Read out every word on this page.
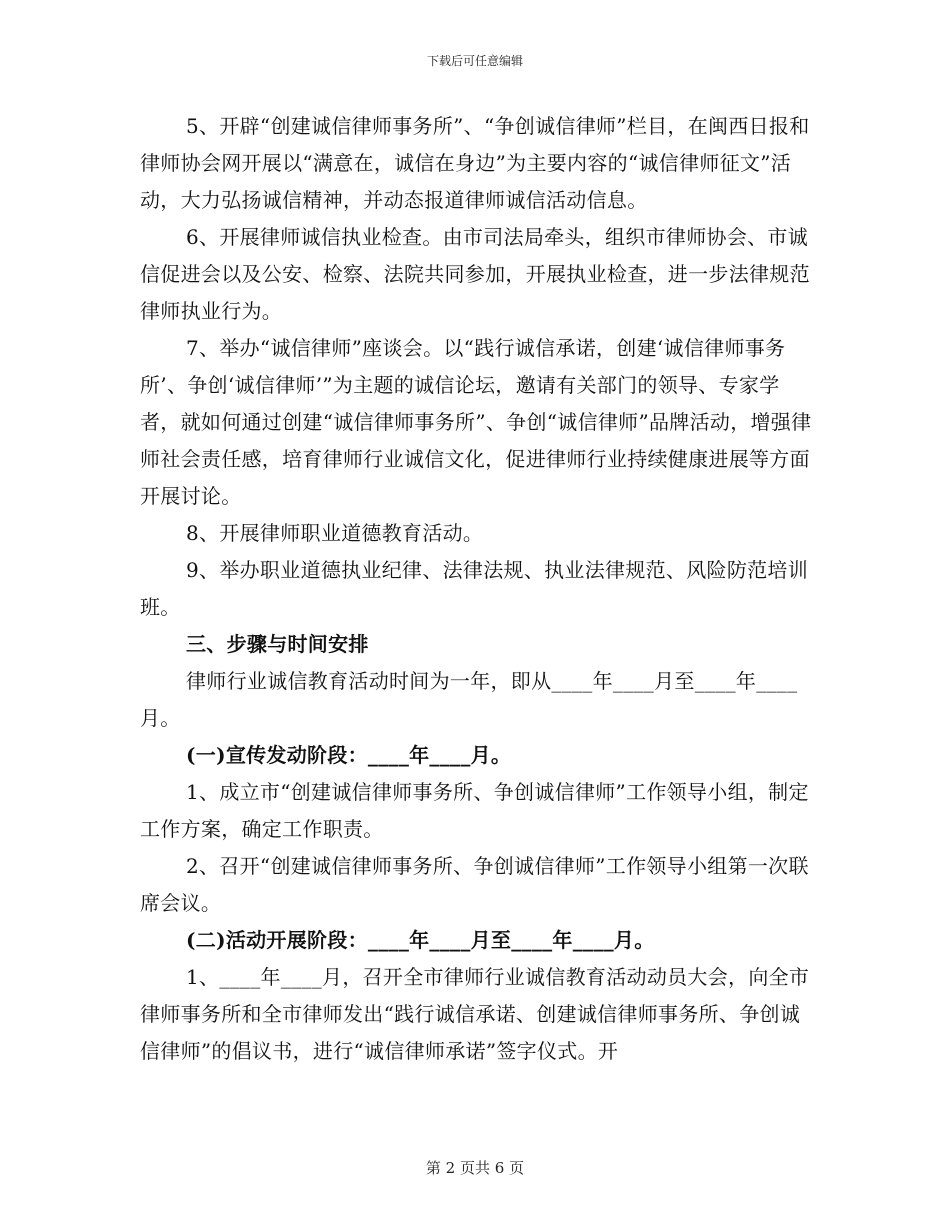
下载后可任意编辑

5、开辟“创建诚信律师事务所”、“争创诚信律师”栏目，在闽西日报和律师协会网开展以“满意在，诚信在身边”为主要内容的“诚信律师征文”活动，大力弘扬诚信精神，并动态报道律师诚信活动信息。

6、开展律师诚信执业检查。由市司法局牵头，组织市律师协会、市诚信促进会以及公安、检察、法院共同参加，开展执业检查，进一步法律规范律师执业行为。

7、举办“诚信律师”座谈会。以“践行诚信承诺，创建‘诚信律师事务所’、争创‘诚信律师’”为主题的诚信论坛，邀请有关部门的领导、专家学者，就如何通过创建“诚信律师事务所”、争创“诚信律师”品牌活动，增强律师社会责任感，培育律师行业诚信文化，促进律师行业持续健康进展等方面开展讨论。

8、开展律师职业道德教育活动。

9、举办职业道德执业纪律、法律法规、执业法律规范、风险防范培训班。

三、步骤与时间安排

律师行业诚信教育活动时间为一年，即从____年____月至____年____月。

(一)宣传发动阶段：____年____月。

1、成立市“创建诚信律师事务所、争创诚信律师”工作领导小组，制定工作方案，确定工作职责。

2、召开“创建诚信律师事务所、争创诚信律师”工作领导小组第一次联席会议。

(二)活动开展阶段：____年____月至____年____月。

1、____年____月，召开全市律师行业诚信教育活动动员大会，向全市律师事务所和全市律师发出“践行诚信承诺、创建诚信律师事务所、争创诚信律师”的倡议书，进行“诚信律师承诺”签字仪式。开

第 2 页共 6 页
